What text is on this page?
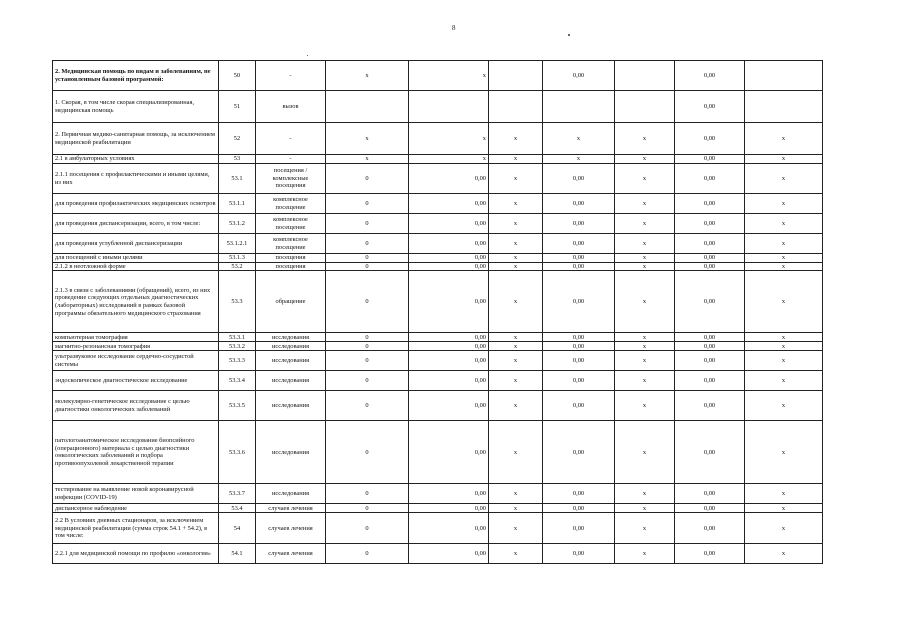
8
2. Медицинская помощь по видам и заболеваниям, не установленным базовой программой:	50	-	x	x		0,00		0,00	
1. Скорая, в том числе скорая специализированная, медицинская помощь	51	вызов						0,00	
2. Первичная медико-санитарная помощь, за исключением медицинской реабилитации	52	-	x	x	x	x	x	0,00	x
2.1 в амбулаторных условиях	53	-	x	x	x	x	x	0,00	x
2.1.1 посещения с профилактическими и иными целями, из них	53.1	посещения / комплексные посещения	0	0,00	x	0,00	x	0,00	x
для проведения профилактических медицинских осмотров	53.1.1	комплексное посещение	0	0,00	x	0,00	x	0,00	x
для проведения диспансеризации, всего, в том числе:	53.1.2	комплексное посещение	0	0,00	x	0,00	x	0,00	x
для проведения углубленной диспансеризации	53.1.2.1	комплексное посещение	0	0,00	x	0,00	x	0,00	x
для посещений с иными целями	53.1.3	посещения	0	0,00	x	0,00	x	0,00	x
2.1.2 в неотложной форме	53.2	посещения	0	0,00	x	0,00	x	0,00	x
2.1.3 в связи с заболеваниями (обращений), всего, из них проведение следующих отдельных диагностических (лабораторных) исследований в рамках базовой программы обязательного медицинского страхования	53.3	обращение	0	0,00	x	0,00	x	0,00	x
компьютерная томография	53.3.1	исследования	0	0,00	x	0,00	x	0,00	x
магнитно-резонансная томография	53.3.2	исследования	0	0,00	x	0,00	x	0,00	x
ультразвуковое исследование сердечно-сосудистой системы	53.3.3	исследования	0	0,00	x	0,00	x	0,00	x
эндоскопическое диагностическое исследование	53.3.4	исследования	0	0,00	x	0,00	x	0,00	x
молекулярно-генетическое исследование с целью диагностики онкологических заболеваний	53.3.5	исследования	0	0,00	x	0,00	x	0,00	x
патологоанатомическое исследование биопсийного (операционного) материала с целью диагностики онкологических заболеваний и подбора противоопухолевой лекарственной терапии	53.3.6	исследования	0	0,00	x	0,00	x	0,00	x
тестирование на выявление новой коронавирусной инфекции (COVID-19)	53.3.7	исследования	0	0,00	x	0,00	x	0,00	x
диспансерное наблюдение	53.4	случаев лечения	0	0,00	x	0,00	x	0,00	x
2.2 В условиях дневных стационаров, за исключением медицинской реабилитации (сумма строк 54.1 + 54.2), в том числе:	54	случаев лечения	0	0,00	x	0,00	x	0,00	x
2.2.1 для медицинской помощи по профилю «онкология»	54.1	случаев лечения	0	0,00	x	0,00	x	0,00	x
